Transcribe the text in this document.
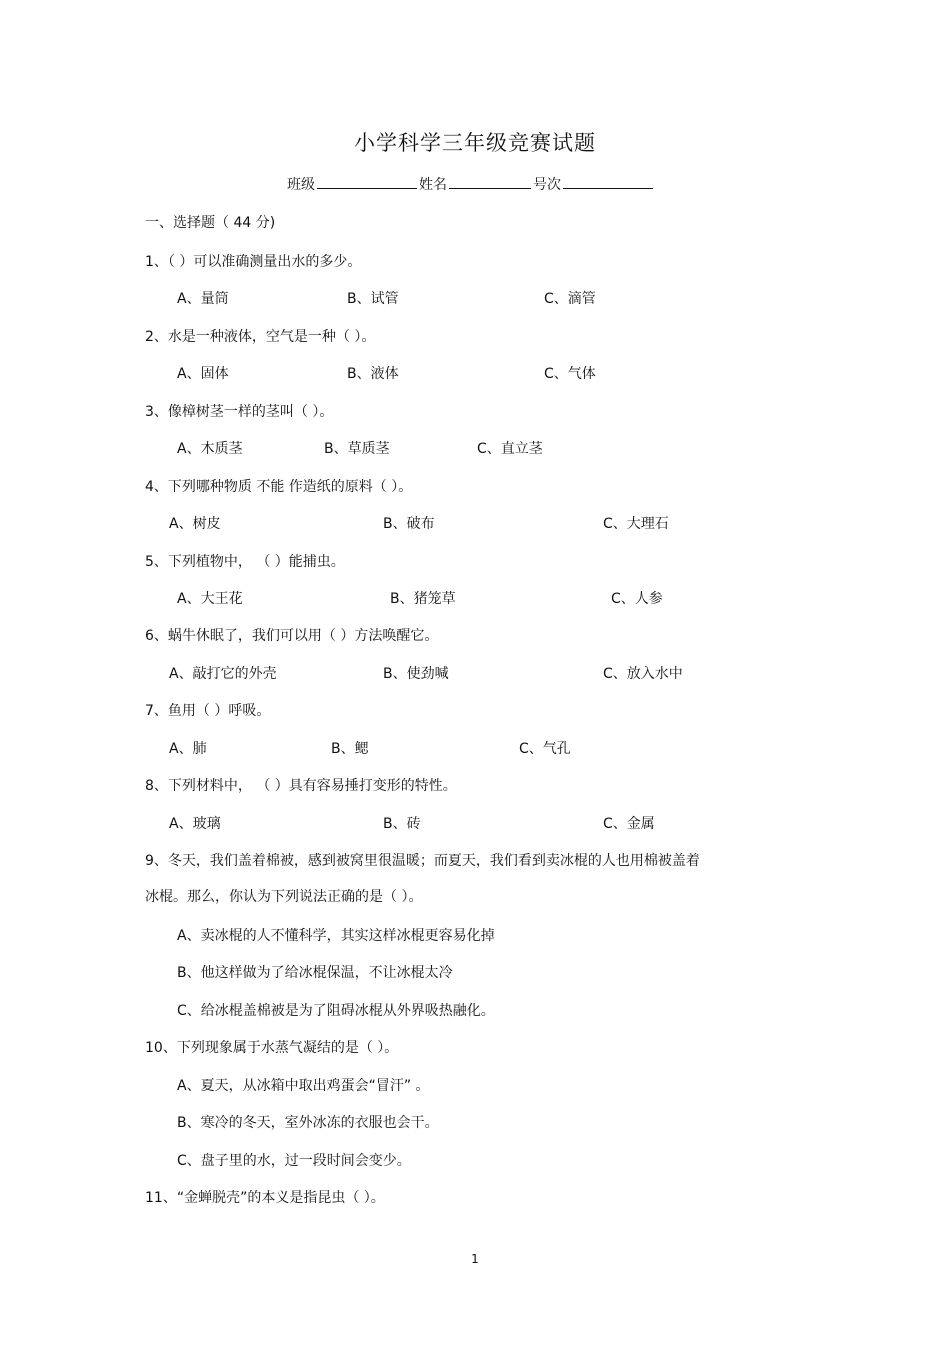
小学科学三年级竞赛试题
班级	姓名	号次
一、选择题（ 44 分)
1、（ ）可以准确测量出水的多少。
A、量筒	B、试管	C、滴管
2、水是一种液体，空气是一种（ ）。
A、固体	B、液体	C、气体
3、像樟树茎一样的茎叫（ ）。
A、木质茎	B、草质茎	C、直立茎
4、下列哪种物质 不能 作造纸的原料（ ）。
A、树皮	B、破布	C、大理石
5、下列植物中， （ ）能捕虫。
A、大王花	B、猪笼草	C、人参
6、蜗牛休眠了，我们可以用（ ）方法唤醒它。
A、敲打它的外壳	B、使劲喊	C、放入水中
7、鱼用（ ）呼吸。
A、肺	B、鳃	C、气孔
8、下列材料中， （ ）具有容易捶打变形的特性。
A、玻璃	B、砖	C、金属
9、冬天，我们盖着棉被，感到被窝里很温暖；而夏天，我们看到卖冰棍的人也用棉被盖着
冰棍。那么，你认为下列说法正确的是（ ）。
A、卖冰棍的人不懂科学，其实这样冰棍更容易化掉
B、他这样做为了给冰棍保温，不让冰棍太冷
C、给冰棍盖棉被是为了阻碍冰棍从外界吸热融化。
10、下列现象属于水蒸气凝结的是（ ）。
A、夏天，从冰箱中取出鸡蛋会“冒汗” 。
B、寒冷的冬天，室外冰冻的衣服也会干。
C、盘子里的水，过一段时间会变少。
11、“金蝉脱壳”的本义是指昆虫（ ）。
1
